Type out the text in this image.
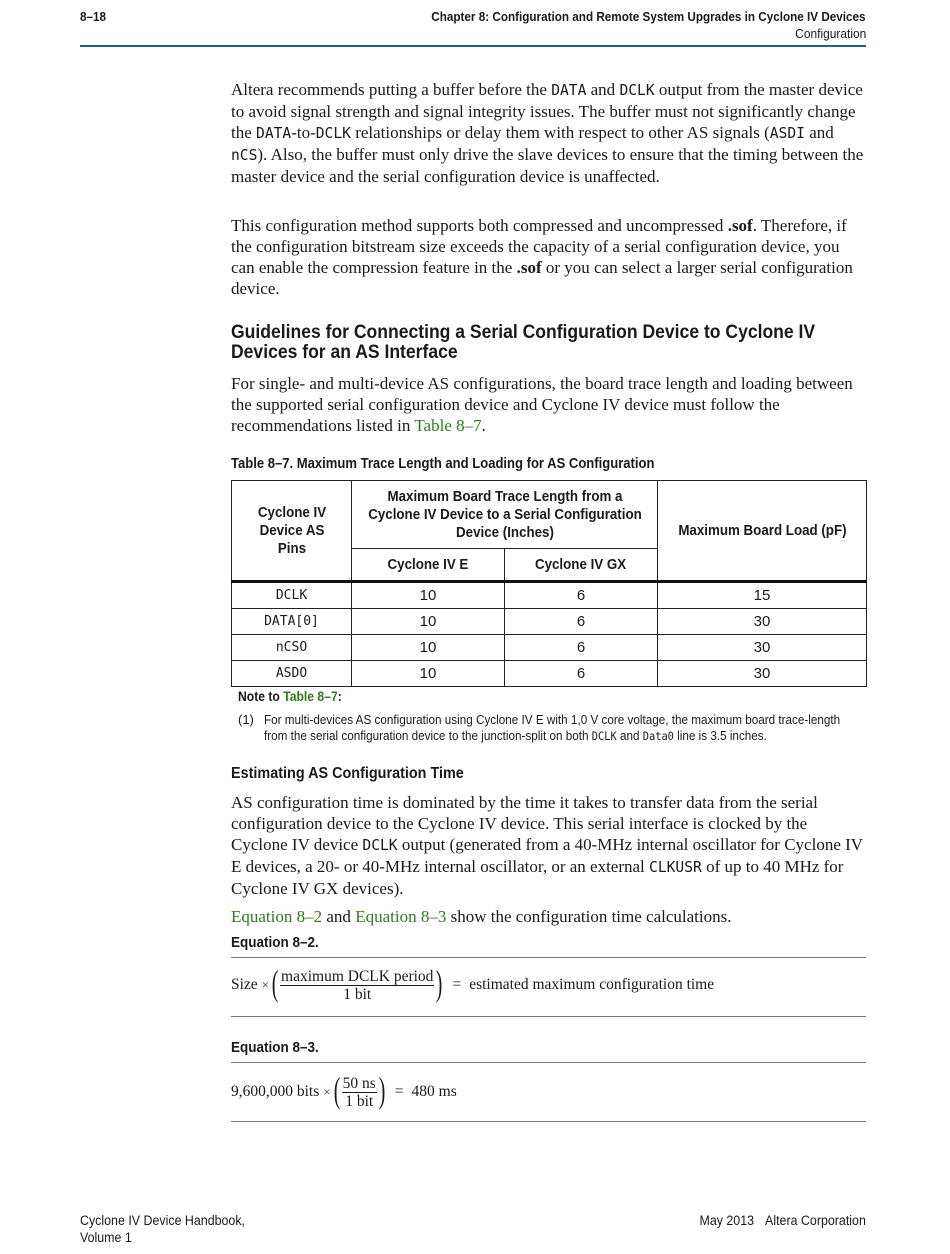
8–18	Chapter 8: Configuration and Remote System Upgrades in Cyclone IV Devices
Configuration

Altera recommends putting a buffer before the DATA and DCLK output from the master device to avoid signal strength and signal integrity issues. The buffer must not significantly change the DATA-to-DCLK relationships or delay them with respect to other AS signals (ASDI and nCS). Also, the buffer must only drive the slave devices to ensure that the timing between the master device and the serial configuration device is unaffected.

This configuration method supports both compressed and uncompressed .sof. Therefore, if the configuration bitstream size exceeds the capacity of a serial configuration device, you can enable the compression feature in the .sof or you can select a larger serial configuration device.

Guidelines for Connecting a Serial Configuration Device to Cyclone IV Devices for an AS Interface

For single- and multi-device AS configurations, the board trace length and loading between the supported serial configuration device and Cyclone IV device must follow the recommendations listed in Table 8–7.

Table 8–7. Maximum Trace Length and Loading for AS Configuration
Cyclone IV Device AS Pins	Maximum Board Trace Length from a Cyclone IV Device to a Serial Configuration Device (Inches)		Maximum Board Load (pF)
	Cyclone IV E	Cyclone IV GX	
DCLK	10	6	15
DATA[0]	10	6	30
nCSO	10	6	30
ASDO	10	6	30
Note to Table 8–7:
(1) For multi-devices AS configuration using Cyclone IV E with 1,0 V core voltage, the maximum board trace-length from the serial configuration device to the junction-split on both DCLK and Data0 line is 3.5 inches.
Estimating AS Configuration Time

AS configuration time is dominated by the time it takes to transfer data from the serial configuration device to the Cyclone IV device. This serial interface is clocked by the Cyclone IV device DCLK output (generated from a 40-MHz internal oscillator for Cyclone IV E devices, a 20- or 40-MHz internal oscillator, or an external CLKUSR of up to 40 MHz for Cyclone IV GX devices).

Equation 8–2 and Equation 8–3 show the configuration time calculations.

Equation 8–2.
Size × ( $\frac{\text{maximum DCLK period}}{\text{1 bit}}$ ) = estimated maximum configuration time
Equation 8–3.
9,600,000 bits × ( $\frac{50 ns}{\text{1 bit}}$ ) = 480 ms
Cyclone IV Device Handbook,
Volume 1
May 2013 Altera Corporation
